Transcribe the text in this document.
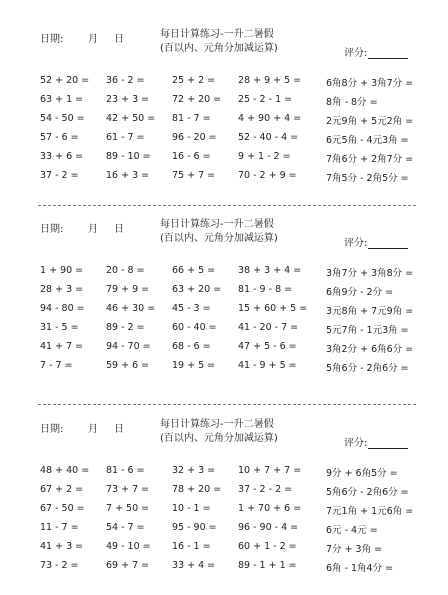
日期: 月 日	每日计算练习-一升二暑假
(百以内、元角分加减运算)	评分:
52 + 20 = 36 - 2 =	25 + 2 = 28 + 9 + 5 =	6角8分 + 3角7分 =
63 + 1 = 23 + 3 = 72 + 20 = 25 - 2 - 1 =	8角 - 8分 =
54 - 50 = 42 + 50 = 81 - 7 =	4 + 90 + 4 =	2元9角 + 5元2角 =
57 - 6 =	61 - 7 =	96 - 20 = 52 - 40 - 4 =	6元5角 - 4元3角 =
33 + 6 = 89 - 10 = 16 - 6 =	9 + 1 - 2 =	7角6分 + 2角7分 =
37 - 2 =	16 + 3 = 75 + 7 = 70 - 2 + 9 =	7角5分 - 2角5分 =
日期: 月 日	每日计算练习-一升二暑假
(百以内、元角分加减运算)	评分:
1 + 90 = 20 - 8 =	66 + 5 = 38 + 3 + 4 =	3角7分 + 3角8分 =
28 + 3 = 79 + 9 = 63 + 20 = 81 - 9 - 8 =	6角9分 - 2分 =
94 - 80 = 46 + 30 = 45 - 3 =	15 + 60 + 5 = 3元8角 + 7元9角 =
31 - 5 =	89 - 2 =	60 - 40 = 41 - 20 - 7 =	5元7角 - 1元3角 =
41 + 7 = 94 - 70 = 68 - 6 =	47 + 5 - 6 =	3角2分 + 6角6分 =
7 - 7 =	59 + 6 = 19 + 5 = 41 - 9 + 5 =	5角6分 - 2角6分 =
日期: 月 日	每日计算练习-一升二暑假
(百以内、元角分加减运算)	评分:
48 + 40 = 81 - 6 =	32 + 3 = 10 + 7 + 7 =	9分 + 6角5分 =
67 + 2 = 73 + 7 = 78 + 20 = 37 - 2 - 2 =	5角6分 - 2角6分 =
67 - 50 = 7 + 50 = 10 - 1 =	1 + 70 + 6 =	7元1角 + 1元6角 =
11 - 7 =	54 - 7 =	95 - 90 = 96 - 90 - 4 =	6元 - 4元 =
41 + 3 = 49 - 10 = 16 - 1 =	60 + 1 - 2 =	7分 + 3角 =
73 - 2 =	69 + 7 = 33 + 4 = 89 - 1 + 1 =	6角 - 1角4分 =
